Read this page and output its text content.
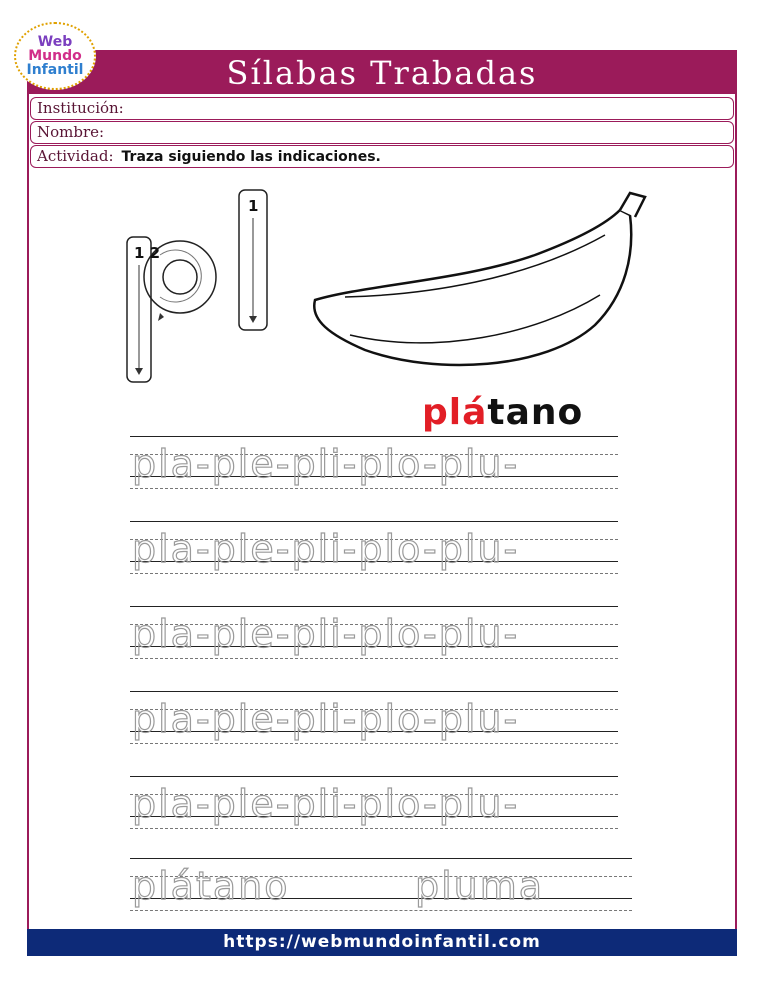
Sílabas Trabadas
Web
Mundo
Infantil
Institución:
Nombre:
Actividad: Traza siguiendo las indicaciones.
1 2
1
plátano
pla-ple-pli-plo-plu-
pla-ple-pli-plo-plu-
pla-ple-pli-plo-plu-
pla-ple-pli-plo-plu-
pla-ple-pli-plo-plu-
plátano	pluma
https://webmundoinfantil.com
